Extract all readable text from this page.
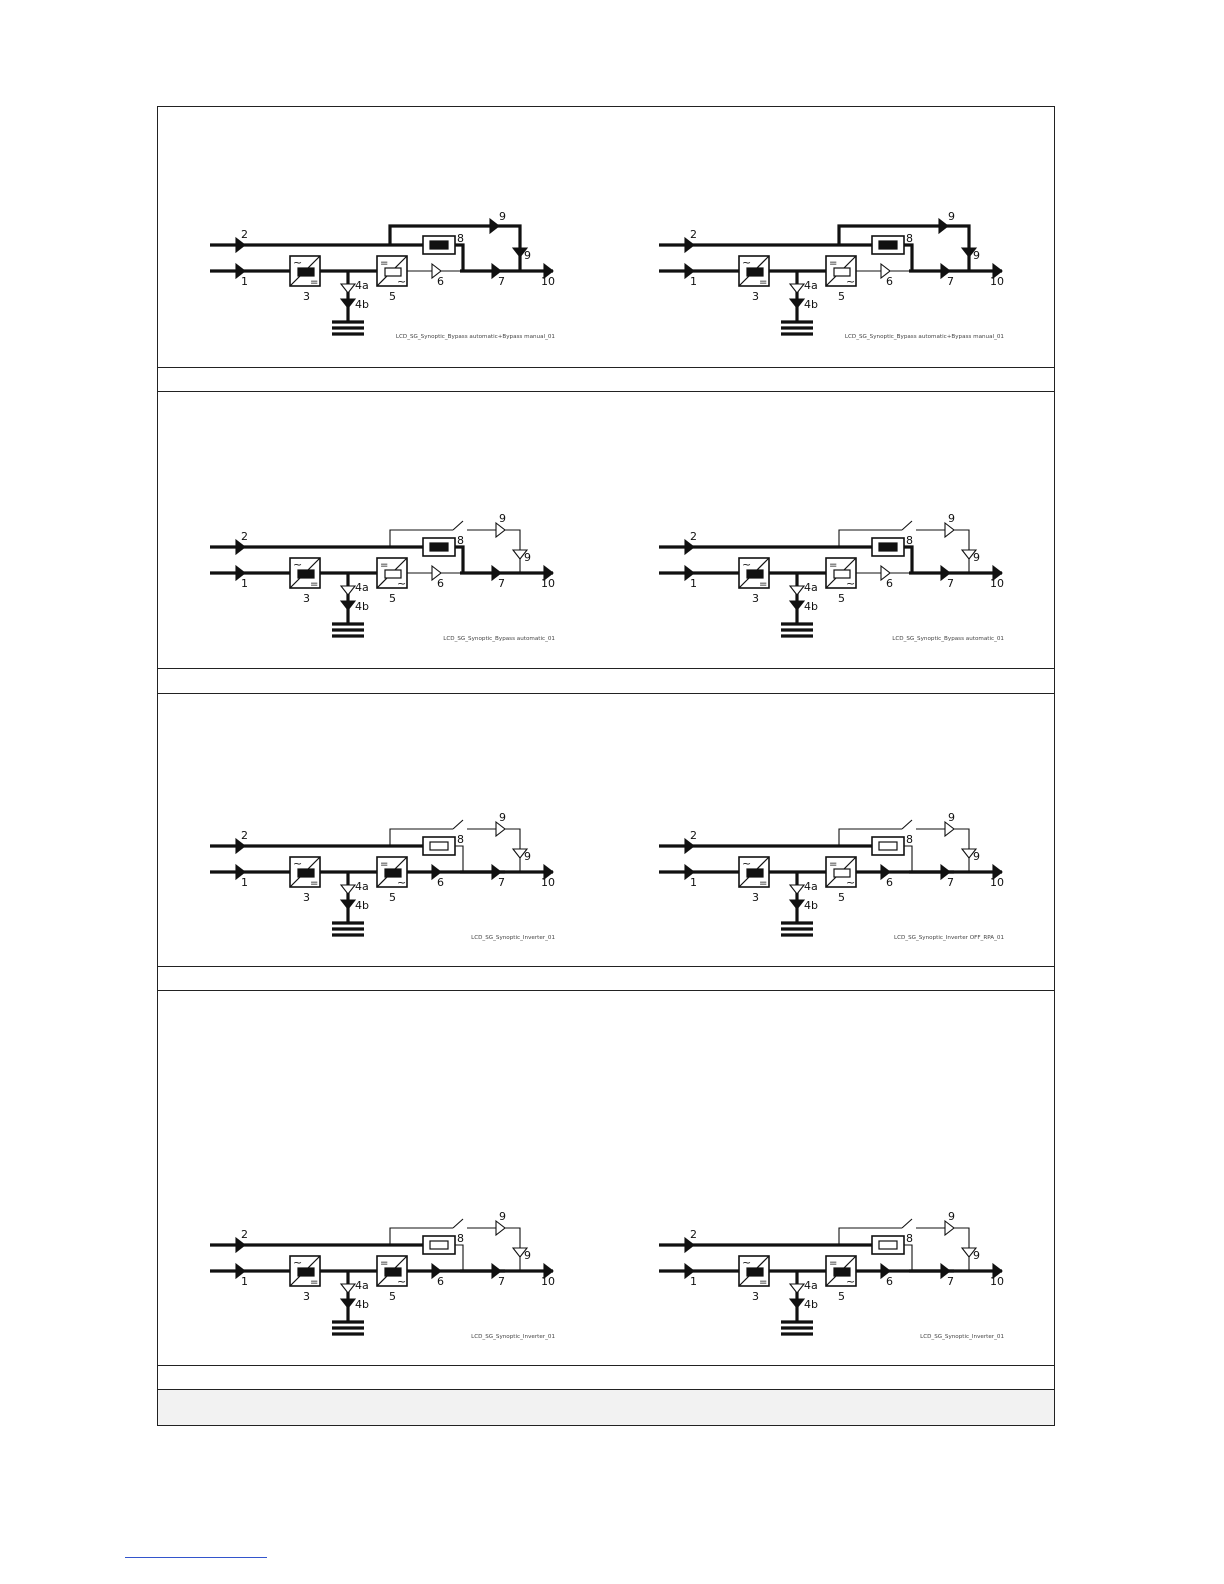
2
1
~
=
3
4a
4b
=
~
5
6
8
9
9
7	10
LCD_SG_Synoptic_Bypass automatic+Bypass manual_01
2
1
~
=
3
4a
4b
=
~
5
6
8
9
9
7	10
LCD_SG_Synoptic_Bypass automatic+Bypass manual_01
2
1
~
=
3
4a
4b
=
~
5
6
8
9
9
7	10
LCD_SG_Synoptic_Bypass automatic_01
2
1
~
=
3
4a
4b
=
~
5
6
8
9
9
7	10
LCD_SG_Synoptic_Bypass automatic_01
2
1
~
=
3
4a
4b
=
~
5
6
8
9
9
7	10
LCD_SG_Synoptic_Inverter_01
2
1
~
=
3
4a
4b
=
~
5
6
8
9
9
7	10
LCD_SG_Synoptic_Inverter OFF_RPA_01
2
1
~
=
3
4a
4b
=
~
5
6
8
9
9
7	10
LCD_SG_Synoptic_Inverter_01
2
1
~
=
3
4a
4b
=
~
5
6
8
9
9
7	10
LCD_SG_Synoptic_Inverter_01
